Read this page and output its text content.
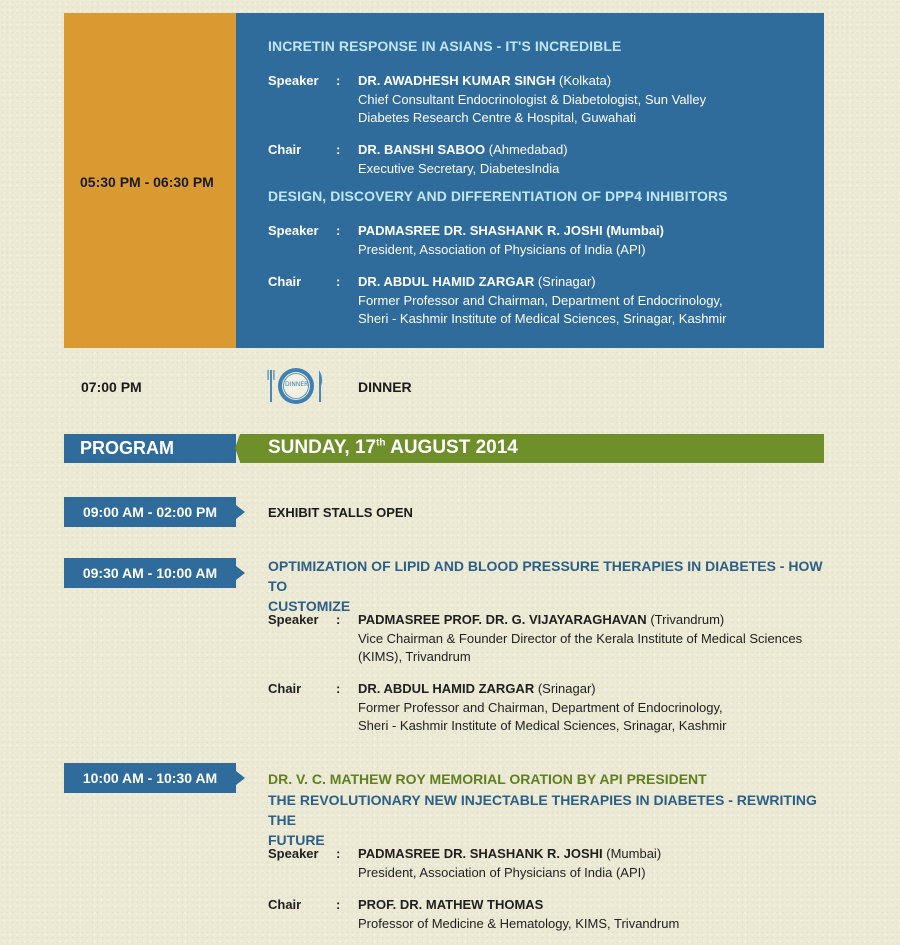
05:30 PM - 06:30 PM
INCRETIN RESPONSE IN ASIANS - IT'S INCREDIBLE
Speaker	: DR. AWADHESH KUMAR SINGH (Kolkata)
Chief Consultant Endocrinologist & Diabetologist, Sun Valley
Diabetes Research Centre & Hospital, Guwahati
Chair	: DR. BANSHI SABOO (Ahmedabad)
Executive Secretary, DiabetesIndia
DESIGN, DISCOVERY AND DIFFERENTIATION OF DPP4 INHIBITORS
Speaker	: PADMASREE DR. SHASHANK R. JOSHI (Mumbai)
President, Association of Physicians of India (API)
Chair	: DR. ABDUL HAMID ZARGAR (Srinagar)
Former Professor and Chairman, Department of Endocrinology,
Sheri - Kashmir Institute of Medical Sciences, Srinagar, Kashmir
07:00 PM	DINNER	DINNER
PROGRAM	SUNDAY, 17th AUGUST 2014
09:00 AM - 02:00 PM	EXHIBIT STALLS OPEN
09:30 AM - 10:00 AM	OPTIMIZATION OF LIPID AND BLOOD PRESSURE THERAPIES IN DIABETES - HOW TO
CUSTOMIZE
Speaker	: PADMASREE PROF. DR. G. VIJAYARAGHAVAN (Trivandrum)
Vice Chairman & Founder Director of the Kerala Institute of Medical Sciences
(KIMS), Trivandrum
Chair	: DR. ABDUL HAMID ZARGAR (Srinagar)
Former Professor and Chairman, Department of Endocrinology,
Sheri - Kashmir Institute of Medical Sciences, Srinagar, Kashmir
10:00 AM - 10:30 AM	DR. V. C. MATHEW ROY MEMORIAL ORATION BY API PRESIDENT
THE REVOLUTIONARY NEW INJECTABLE THERAPIES IN DIABETES - REWRITING THE
FUTURE
Speaker	: PADMASREE DR. SHASHANK R. JOSHI (Mumbai)
President, Association of Physicians of India (API)
Chair	: PROF. DR. MATHEW THOMAS
Professor of Medicine & Hematology, KIMS, Trivandrum
